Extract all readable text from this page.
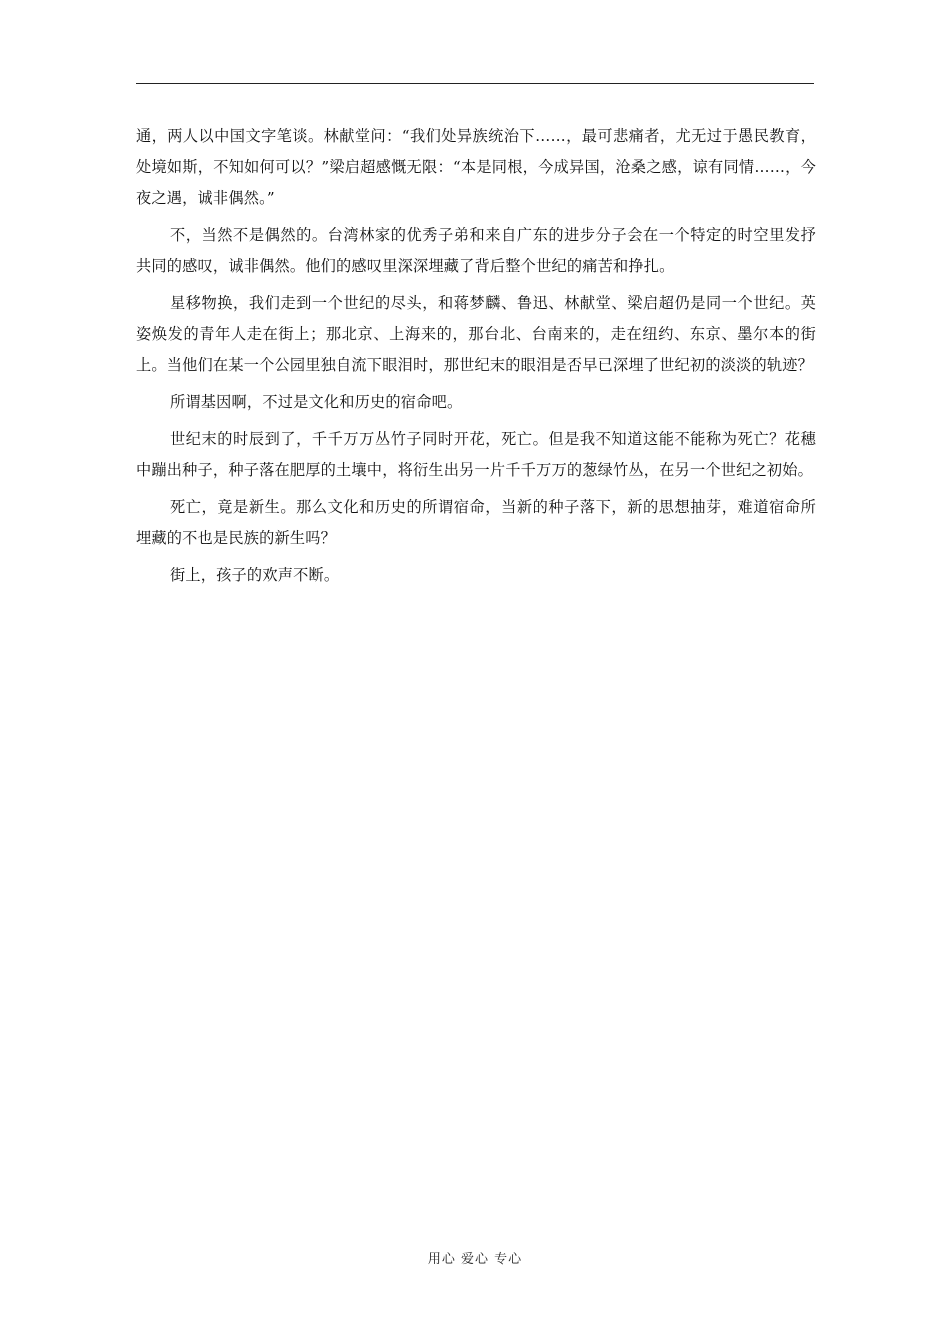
通，两人以中国文字笔谈。林献堂问：“我们处异族统治下……，最可悲痛者，尤无过于愚民教育，处境如斯，不知如何可以？”梁启超感慨无限：“本是同根，今成异国，沧桑之感，谅有同情……，今夜之遇，诚非偶然。”

不，当然不是偶然的。台湾林家的优秀子弟和来自广东的进步分子会在一个特定的时空里发抒共同的感叹，诚非偶然。他们的感叹里深深埋藏了背后整个世纪的痛苦和挣扎。

星移物换，我们走到一个世纪的尽头，和蒋梦麟、鲁迅、林献堂、梁启超仍是同一个世纪。英姿焕发的青年人走在街上；那北京、上海来的，那台北、台南来的，走在纽约、东京、墨尔本的街上。当他们在某一个公园里独自流下眼泪时，那世纪末的眼泪是否早已深埋了世纪初的淡淡的轨迹？

所谓基因啊，不过是文化和历史的宿命吧。

世纪末的时辰到了，千千万万丛竹子同时开花，死亡。但是我不知道这能不能称为死亡？花穗中蹦出种子，种子落在肥厚的土壤中，将衍生出另一片千千万万的葱绿竹丛，在另一个世纪之初始。

死亡，竟是新生。那么文化和历史的所谓宿命，当新的种子落下，新的思想抽芽，难道宿命所埋藏的不也是民族的新生吗？

街上，孩子的欢声不断。

用心 爱心 专心
